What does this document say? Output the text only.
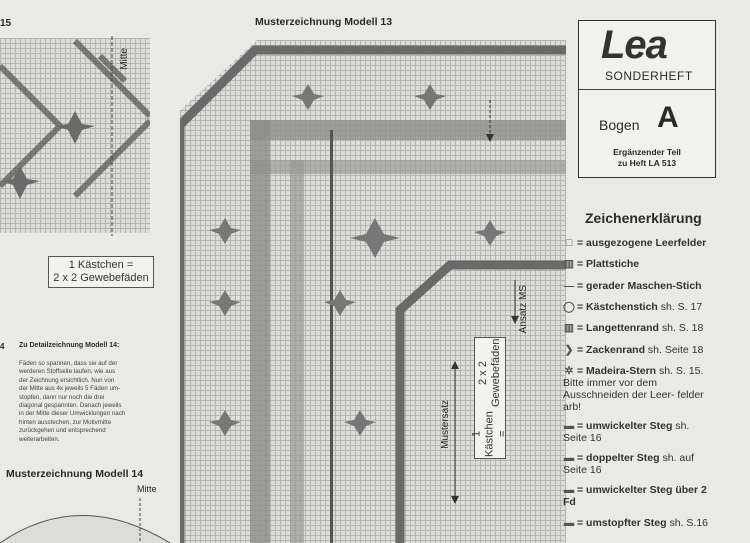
15
Mitte
1 Kästchen =
2 x 2 Gewebefäden
4 Zu Detailzeichnung Modell 14:
Fäden so spannen, dass sie auf der
werderen Stoffseite laufen, wie aus
der Zeichnung ersichtlich. Nun von
der Mitte aus 4x jeweils 5 Fäden um-
stopfen, dann nur noch die drei
diagonal gespannten. Danach jeweils
in der Mitte dieser Umwicklungen nach
hinten ausstechen, zur Motivmitte
zurückgehen und entsprechend
weiterarbeiten.
Musterzeichnung Modell 14
Mitte
Musterzeichnung Modell 13
Ansatz MS
Mustersatz 1 Kästchen =
2 x 2 Gewebefäden
Lea
SONDERHEFT
Bogen A
Ergänzender Teil
zu Heft LA 513
Zeichenerklärung
□ = ausgezogene Leerfelder
▥ = Plattstiche
— = gerader Maschen-Stich
◯ = Kästchenstich sh. S. 17
▥ = Langettenrand sh. S. 18
❯ = Zackenrand sh. Seite 18
✲ = Madeira-Stern sh. S. 15. Bitte immer vor dem Ausschneiden der Leer- felder arb!
▬ = umwickelter Steg sh. Seite 16
▬ = doppelter Steg sh. auf Seite 16
▬ = umwickelter Steg über 2 Fd
▬ = umstopfter Steg sh. S.16
